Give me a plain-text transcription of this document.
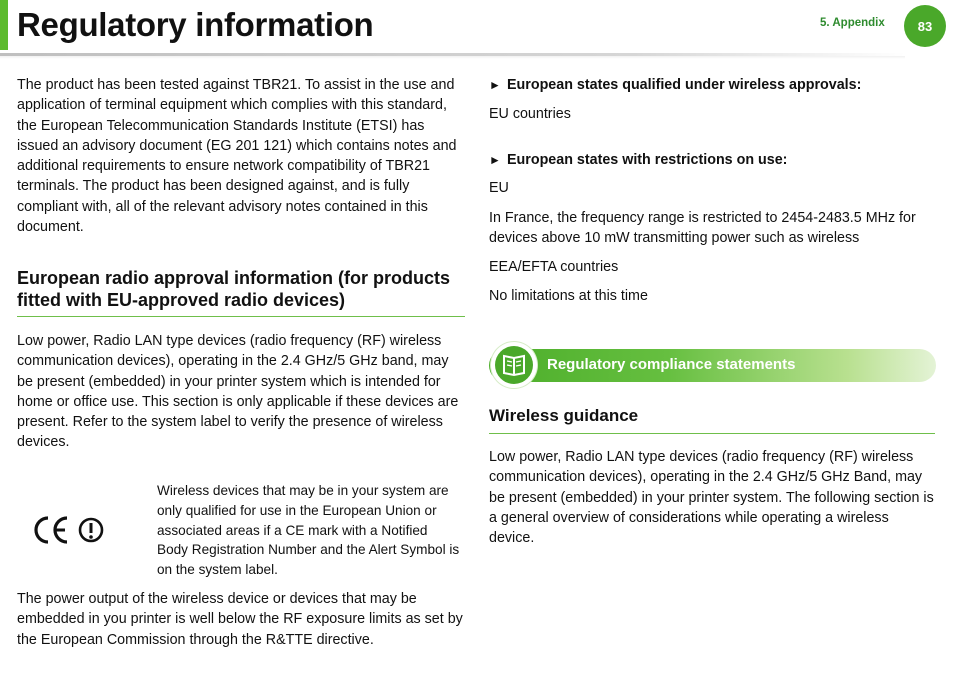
Regulatory information	5. Appendix	83

The product has been tested against TBR21. To assist in the use and application of terminal equipment which complies with this standard, the European Telecommunication Standards Institute (ETSI) has issued an advisory document (EG 201 121) which contains notes and additional requirements to ensure network compatibility of TBR21 terminals. The product has been designed against, and is fully compliant with, all of the relevant advisory notes contained in this document.

European radio approval information (for products fitted with EU-approved radio devices)

Low power, Radio LAN type devices (radio frequency (RF) wireless communication devices), operating in the 2.4 GHz/5 GHz band, may be present (embedded) in your printer system which is intended for home or office use. This section is only applicable if these devices are present. Refer to the system label to verify the presence of wireless devices.

Wireless devices that may be in your system are only qualified for use in the European Union or associated areas if a CE mark with a Notified Body Registration Number and the Alert Symbol is on the system label.

The power output of the wireless device or devices that may be embedded in you printer is well below the RF exposure limits as set by the European Commission through the R&TTE directive.

► European states qualified under wireless approvals:

EU countries

► European states with restrictions on use:

EU

In France, the frequency range is restricted to 2454-2483.5 MHz for devices above 10 mW transmitting power such as wireless

EEA/EFTA countries

No limitations at this time

Regulatory compliance statements
Wireless guidance

Low power, Radio LAN type devices (radio frequency (RF) wireless communication devices), operating in the 2.4 GHz/5 GHz Band, may be present (embedded) in your printer system. The following section is a general overview of considerations while operating a wireless device.
